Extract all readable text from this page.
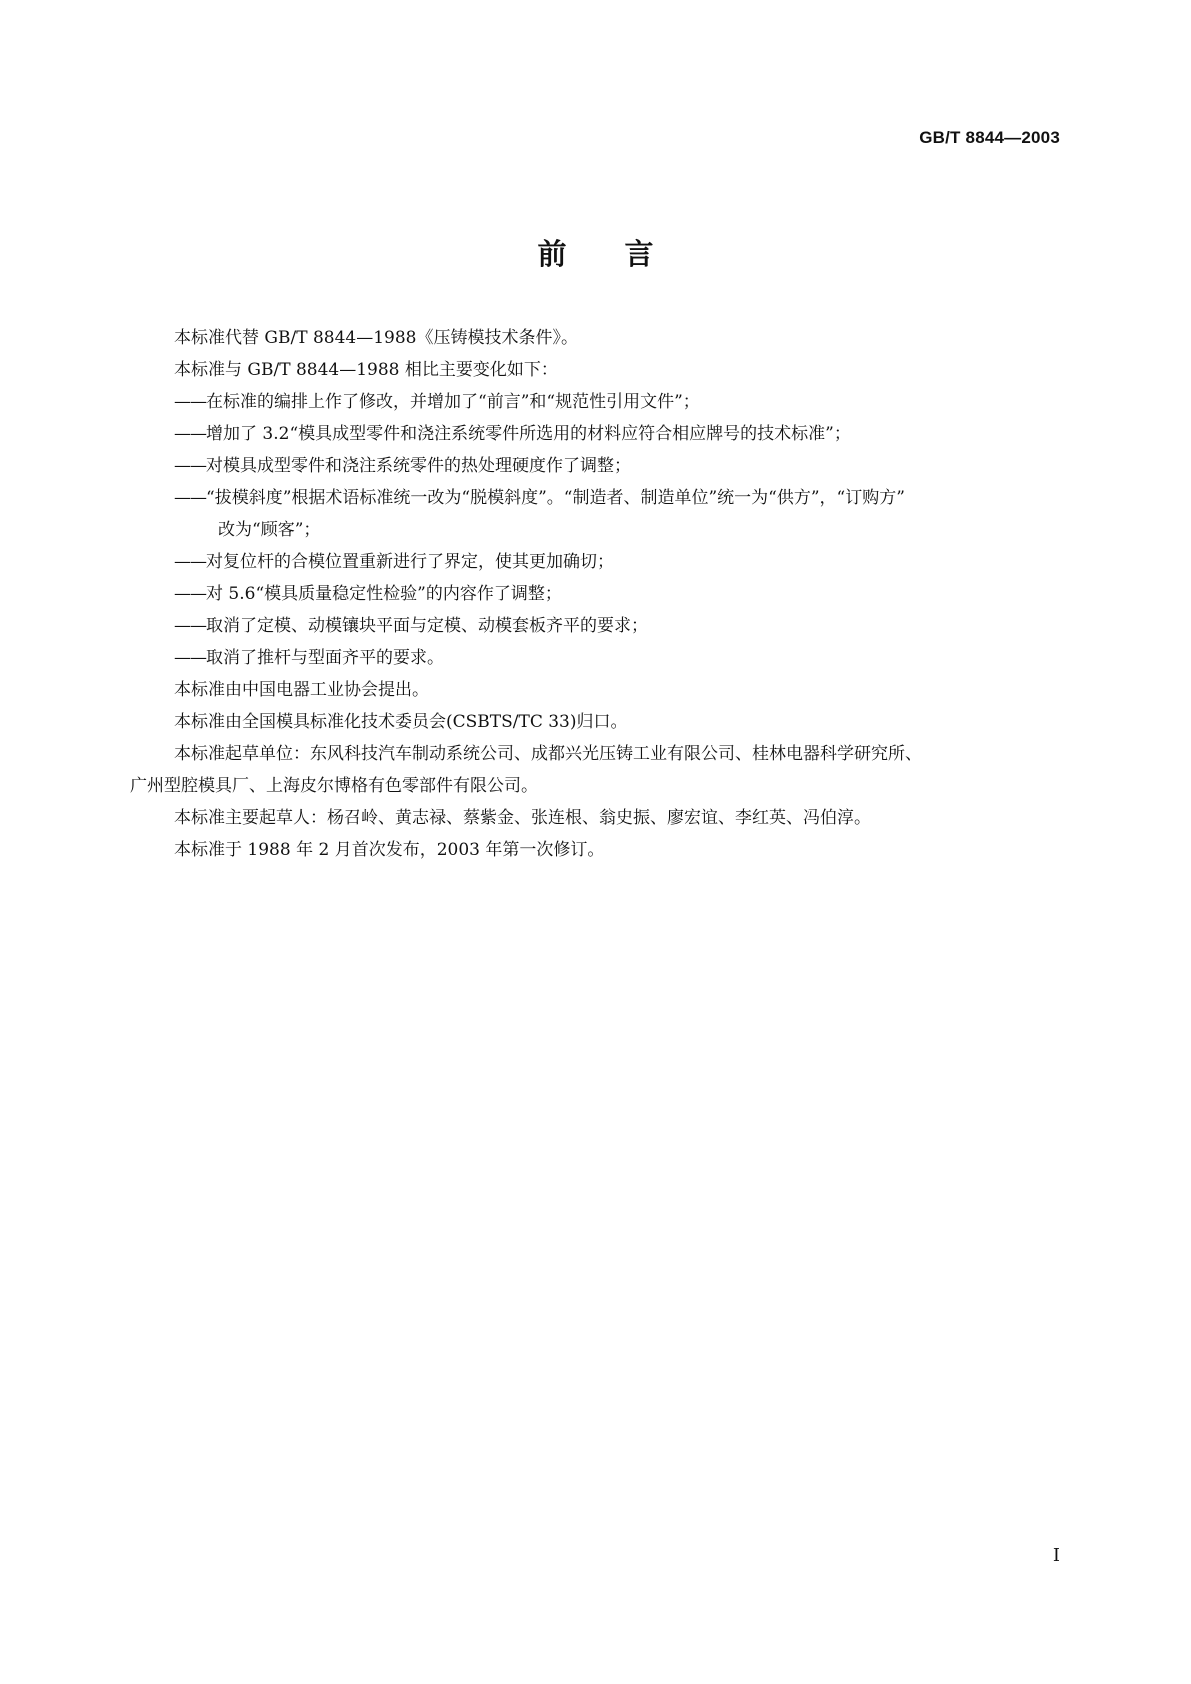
GB/T 8844—2003
前 言
本标准代替 GB/T 8844—1988《压铸模技术条件》。
本标准与 GB/T 8844—1988 相比主要变化如下：
——在标准的编排上作了修改，并增加了“前言”和“规范性引用文件”；
——增加了 3.2“模具成型零件和浇注系统零件所选用的材料应符合相应牌号的技术标准”；
——对模具成型零件和浇注系统零件的热处理硬度作了调整；
——“拔模斜度”根据术语标准统一改为“脱模斜度”。“制造者、制造单位”统一为“供方”，“订购方”
改为“顾客”；
——对复位杆的合模位置重新进行了界定，使其更加确切；
——对 5.6“模具质量稳定性检验”的内容作了调整；
——取消了定模、动模镶块平面与定模、动模套板齐平的要求；
——取消了推杆与型面齐平的要求。
本标准由中国电器工业协会提出。
本标准由全国模具标准化技术委员会(CSBTS/TC 33)归口。
本标准起草单位：东风科技汽车制动系统公司、成都兴光压铸工业有限公司、桂林电器科学研究所、
广州型腔模具厂、上海皮尔博格有色零部件有限公司。
本标准主要起草人：杨召岭、黄志禄、蔡紫金、张连根、翁史振、廖宏谊、李红英、冯伯淳。
本标准于 1988 年 2 月首次发布，2003 年第一次修订。
I
